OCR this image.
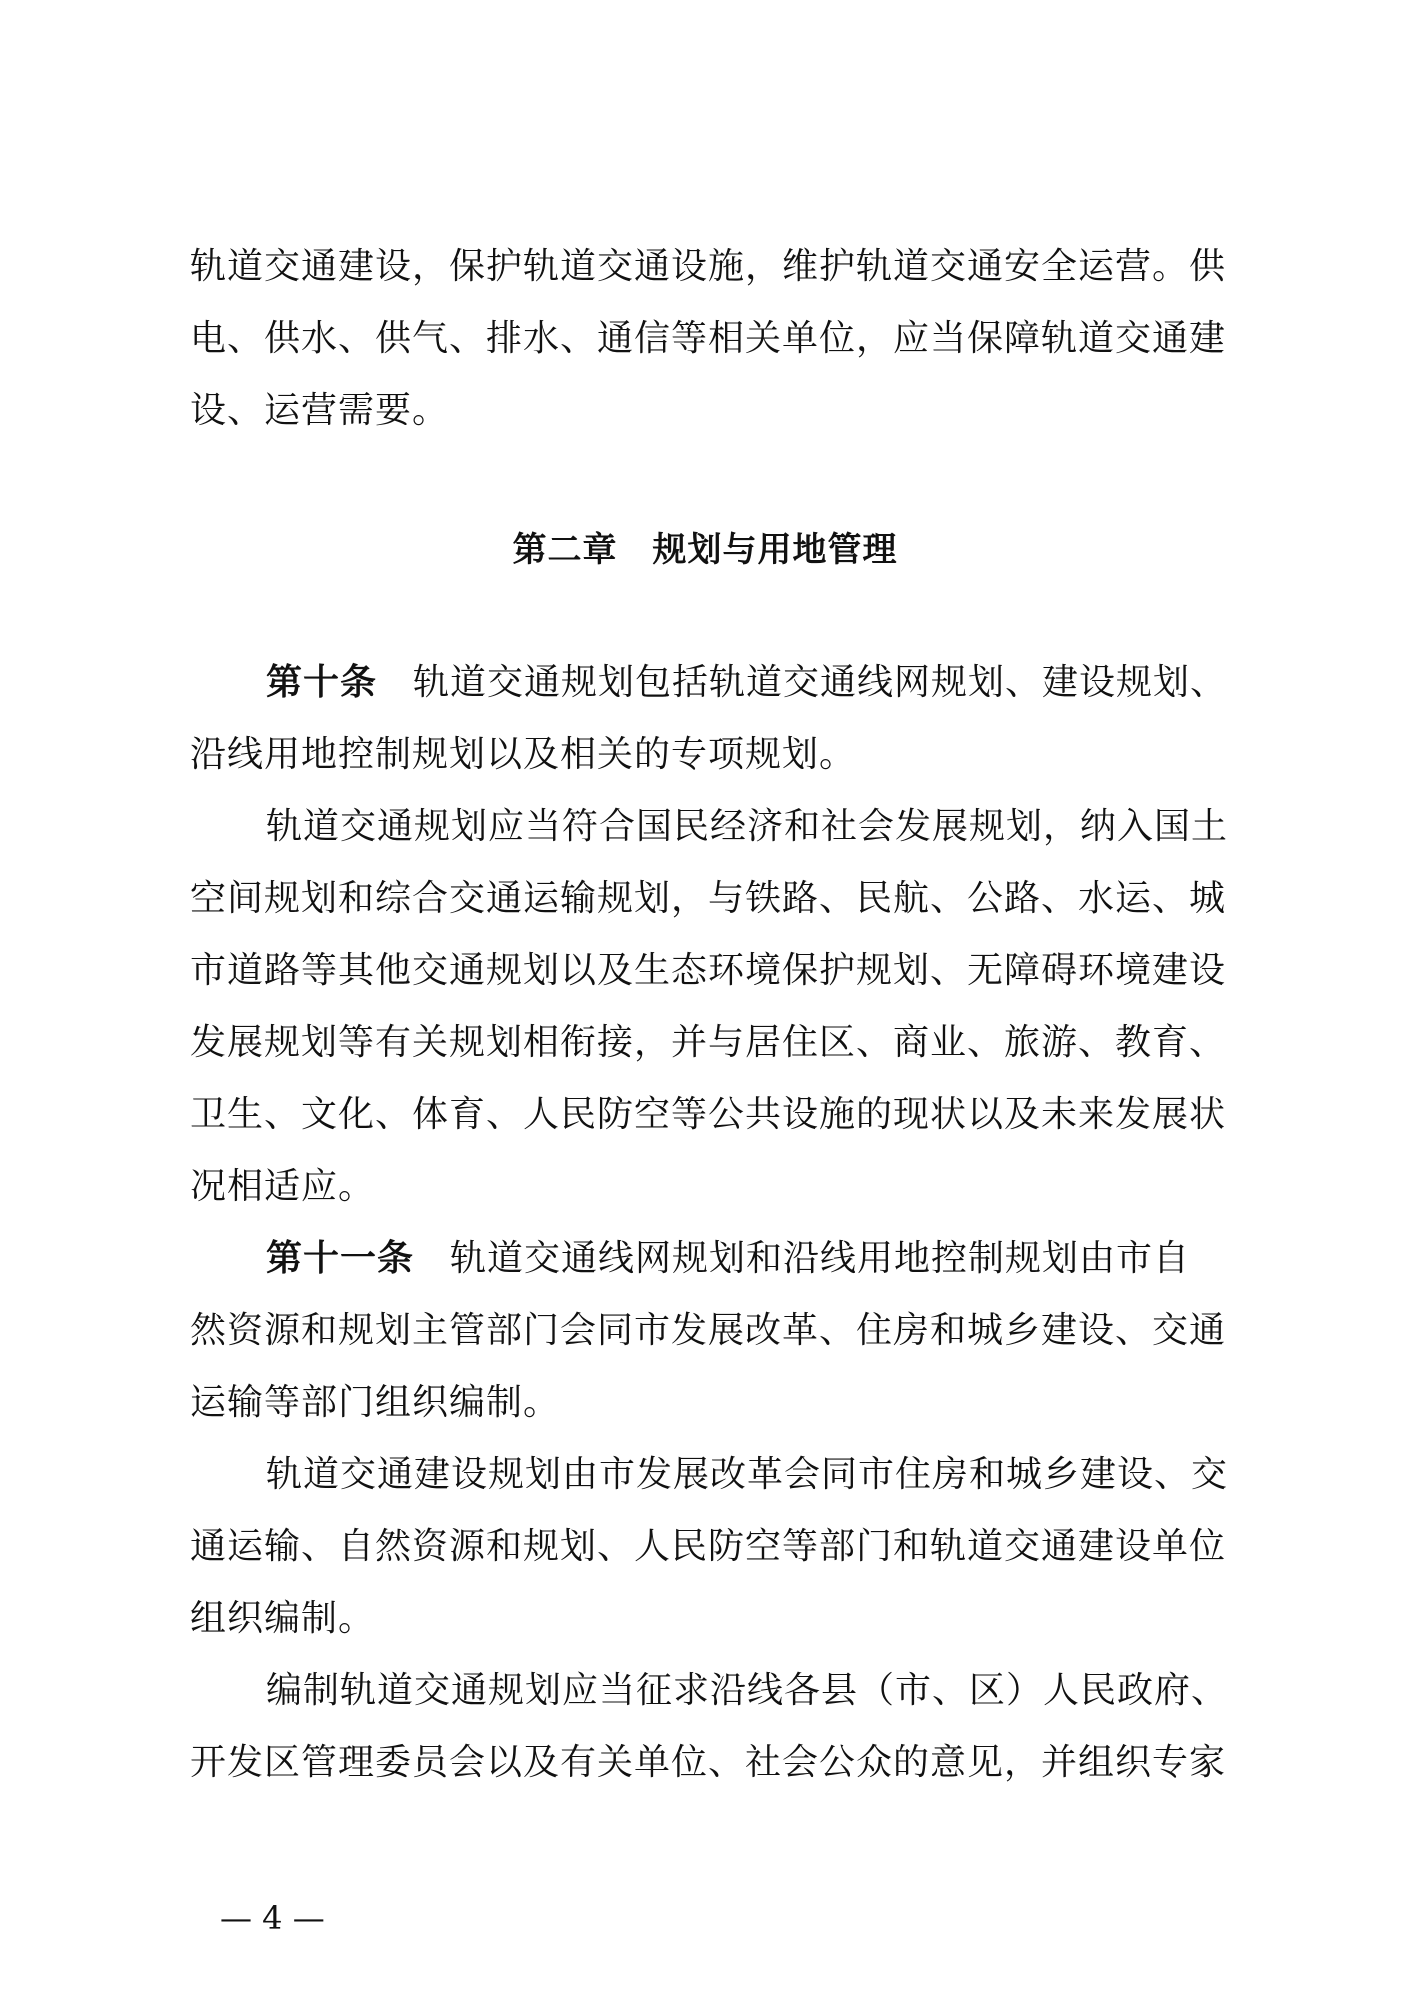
轨道交通建设，保护轨道交通设施，维护轨道交通安全运营。供
电、供水、供气、排水、通信等相关单位，应当保障轨道交通建
设、运营需要。
第二章　规划与用地管理
第十条 轨道交通规划包括轨道交通线网规划、建设规划、
沿线用地控制规划以及相关的专项规划。
轨道交通规划应当符合国民经济和社会发展规划，纳入国土
空间规划和综合交通运输规划，与铁路、民航、公路、水运、城
市道路等其他交通规划以及生态环境保护规划、无障碍环境建设
发展规划等有关规划相衔接，并与居住区、商业、旅游、教育、
卫生、文化、体育、人民防空等公共设施的现状以及未来发展状
况相适应。
第十一条 轨道交通线网规划和沿线用地控制规划由市自
然资源和规划主管部门会同市发展改革、住房和城乡建设、交通
运输等部门组织编制。
轨道交通建设规划由市发展改革会同市住房和城乡建设、交
通运输、自然资源和规划、人民防空等部门和轨道交通建设单位
组织编制。
编制轨道交通规划应当征求沿线各县（市、区）人民政府、
开发区管理委员会以及有关单位、社会公众的意见，并组织专家
— 4 —
